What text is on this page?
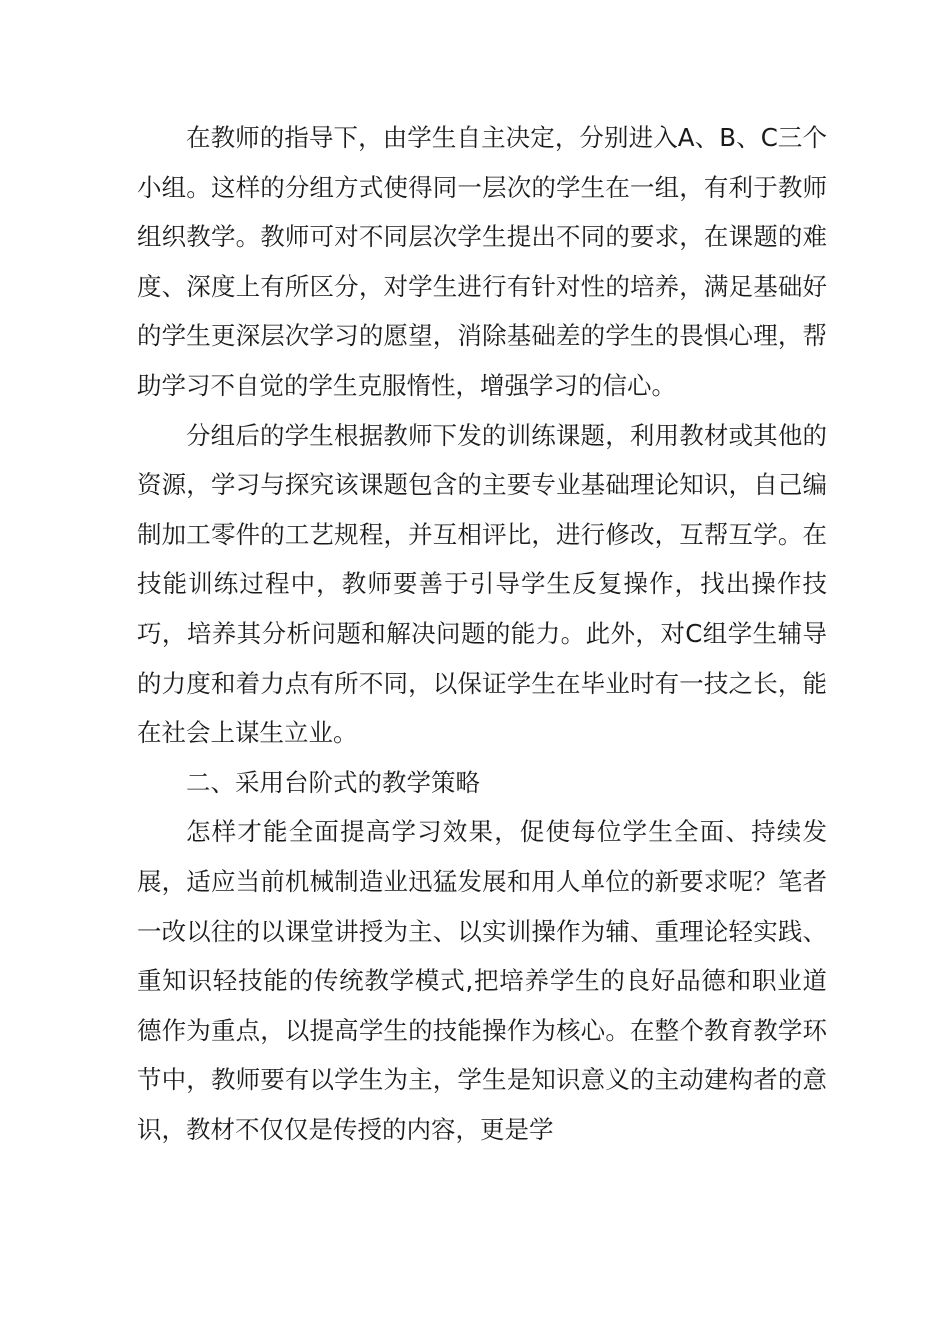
在教师的指导下，由学生自主决定，分别进入A、B、C三个小组。这样的分组方式使得同一层次的学生在一组，有利于教师组织教学。教师可对不同层次学生提出不同的要求，在课题的难度、深度上有所区分，对学生进行有针对性的培养，满足基础好的学生更深层次学习的愿望，消除基础差的学生的畏惧心理，帮助学习不自觉的学生克服惰性，增强学习的信心。

分组后的学生根据教师下发的训练课题，利用教材或其他的资源，学习与探究该课题包含的主要专业基础理论知识，自己编制加工零件的工艺规程，并互相评比，进行修改，互帮互学。在技能训练过程中，教师要善于引导学生反复操作，找出操作技巧，培养其分析问题和解决问题的能力。此外，对C组学生辅导的力度和着力点有所不同，以保证学生在毕业时有一技之长，能在社会上谋生立业。

二、采用台阶式的教学策略

怎样才能全面提高学习效果，促使每位学生全面、持续发展，适应当前机械制造业迅猛发展和用人单位的新要求呢？笔者一改以往的以课堂讲授为主、以实训操作为辅、重理论轻实践、重知识轻技能的传统教学模式,把培养学生的良好品德和职业道德作为重点，以提高学生的技能操作为核心。在整个教育教学环节中，教师要有以学生为主，学生是知识意义的主动建构者的意识，教材不仅仅是传授的内容，更是学
